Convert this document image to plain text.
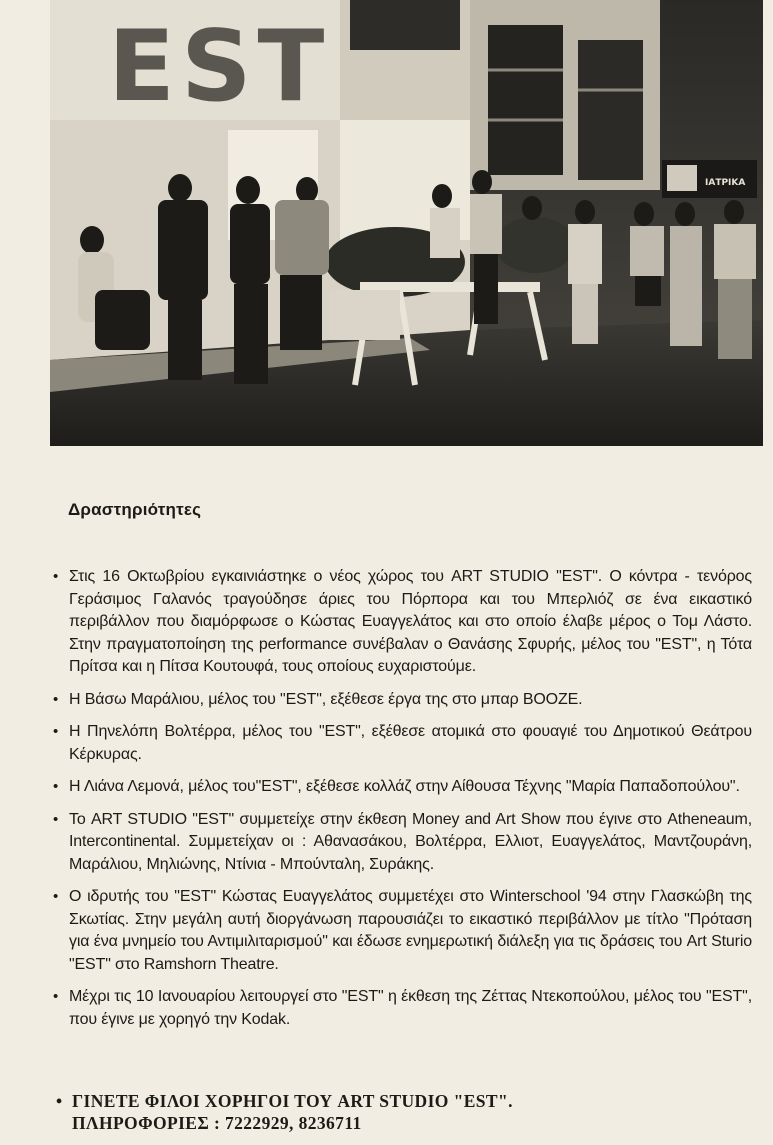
EST
ΙΑΤΡΙΚΑ
Δραστηριότητες
• Στις 16 Οκτωβρίου εγκαινιάστηκε ο νέος χώρος του ART STUDIO "EST". Ο κόντρα - τενόρος Γεράσιμος Γαλανός τραγούδησε άριες του Πόρπορα και του Μπερλιόζ σε ένα εικαστικό περιβάλλον που διαμόρφωσε ο Κώστας Ευαγγελάτος και στο οποίο έλαβε μέρος ο Τομ Λάστο. Στην πραγματοποίηση της performance συνέβαλαν ο Θανάσης Σφυρής, μέλος του "EST", η Τότα Πρίτσα και η Πίτσα Κουτουφά, τους οποίους ευχαριστούμε.
• Η Βάσω Μαράλιου, μέλος του "EST", εξέθεσε έργα της στο μπαρ BOOZE.
• Η Πηνελόπη Βολτέρρα, μέλος του "EST", εξέθεσε ατομικά στο φουαγιέ του Δημοτικού Θεάτρου Κέρκυρας.
• Η Λιάνα Λεμονά, μέλος του"EST", εξέθεσε κολλάζ στην Αίθουσα Τέχνης "Μαρία Παπαδοπούλου".
• Το ART STUDIO "EST" συμμετείχε στην έκθεση Money and Art Show που έγινε στο Atheneaum, Intercontinental. Συμμετείχαν οι : Αθανασάκου, Βολτέρρα, Ελλιοτ, Ευαγγελάτος, Μαντζουράνη, Μαράλιου, Μηλιώνης, Ντίνια - Μπούνταλη, Συράκης.
• Ο ιδρυτής του "EST" Κώστας Ευαγγελάτος συμμετέχει στο Winterschool '94 στην Γλασκώβη της Σκωτίας. Στην μεγάλη αυτή διοργάνωση παρουσιάζει το εικαστικό περιβάλλον με τίτλο "Πρόταση για ένα μνημείο του Αντιμιλιταρισμού" και έδωσε ενημερωτική διάλεξη για τις δράσεις του Art Sturio "EST" στο Ramshorn Theatre.
• Μέχρι τις 10 Ιανουαρίου λειτουργεί στο "EST" η έκθεση της Ζέττας Ντεκοπούλου, μέλος του "EST", που έγινε με χορηγό την Kodak.
• ΓΙΝΕΤΕ ΦΙΛΟΙ ΧΟΡΗΓΟΙ ΤΟΥ ART STUDIO "EST".
ΠΛΗΡΟΦΟΡΙΕΣ : 7222929, 8236711
